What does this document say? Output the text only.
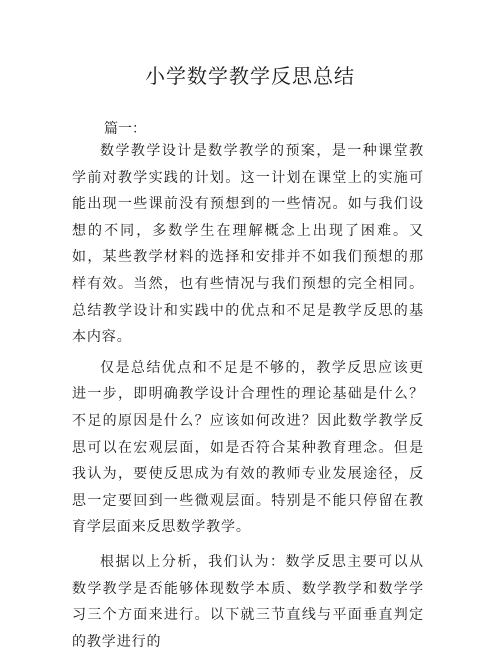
小学数学教学反思总结
篇一：

数学教学设计是数学教学的预案，是一种课堂教学前对教学实践的计划。这一计划在课堂上的实施可能出现一些课前没有预想到的一些情况。如与我们设想的不同，多数学生在理解概念上出现了困难。又如，某些教学材料的选择和安排并不如我们预想的那样有效。当然，也有些情况与我们预想的完全相同。总结教学设计和实践中的优点和不足是教学反思的基本内容。

仅是总结优点和不足是不够的，教学反思应该更进一步，即明确教学设计合理性的理论基础是什么？不足的原因是什么？应该如何改进？因此数学教学反思可以在宏观层面，如是否符合某种教育理念。但是我认为，要使反思成为有效的教师专业发展途径，反思一定要回到一些微观层面。特别是不能只停留在教育学层面来反思数学教学。

根据以上分析，我们认为：数学反思主要可以从数学教学是否能够体现数学本质、数学教学和数学学习三个方面来进行。以下就三节直线与平面垂直判定的教学进行的
